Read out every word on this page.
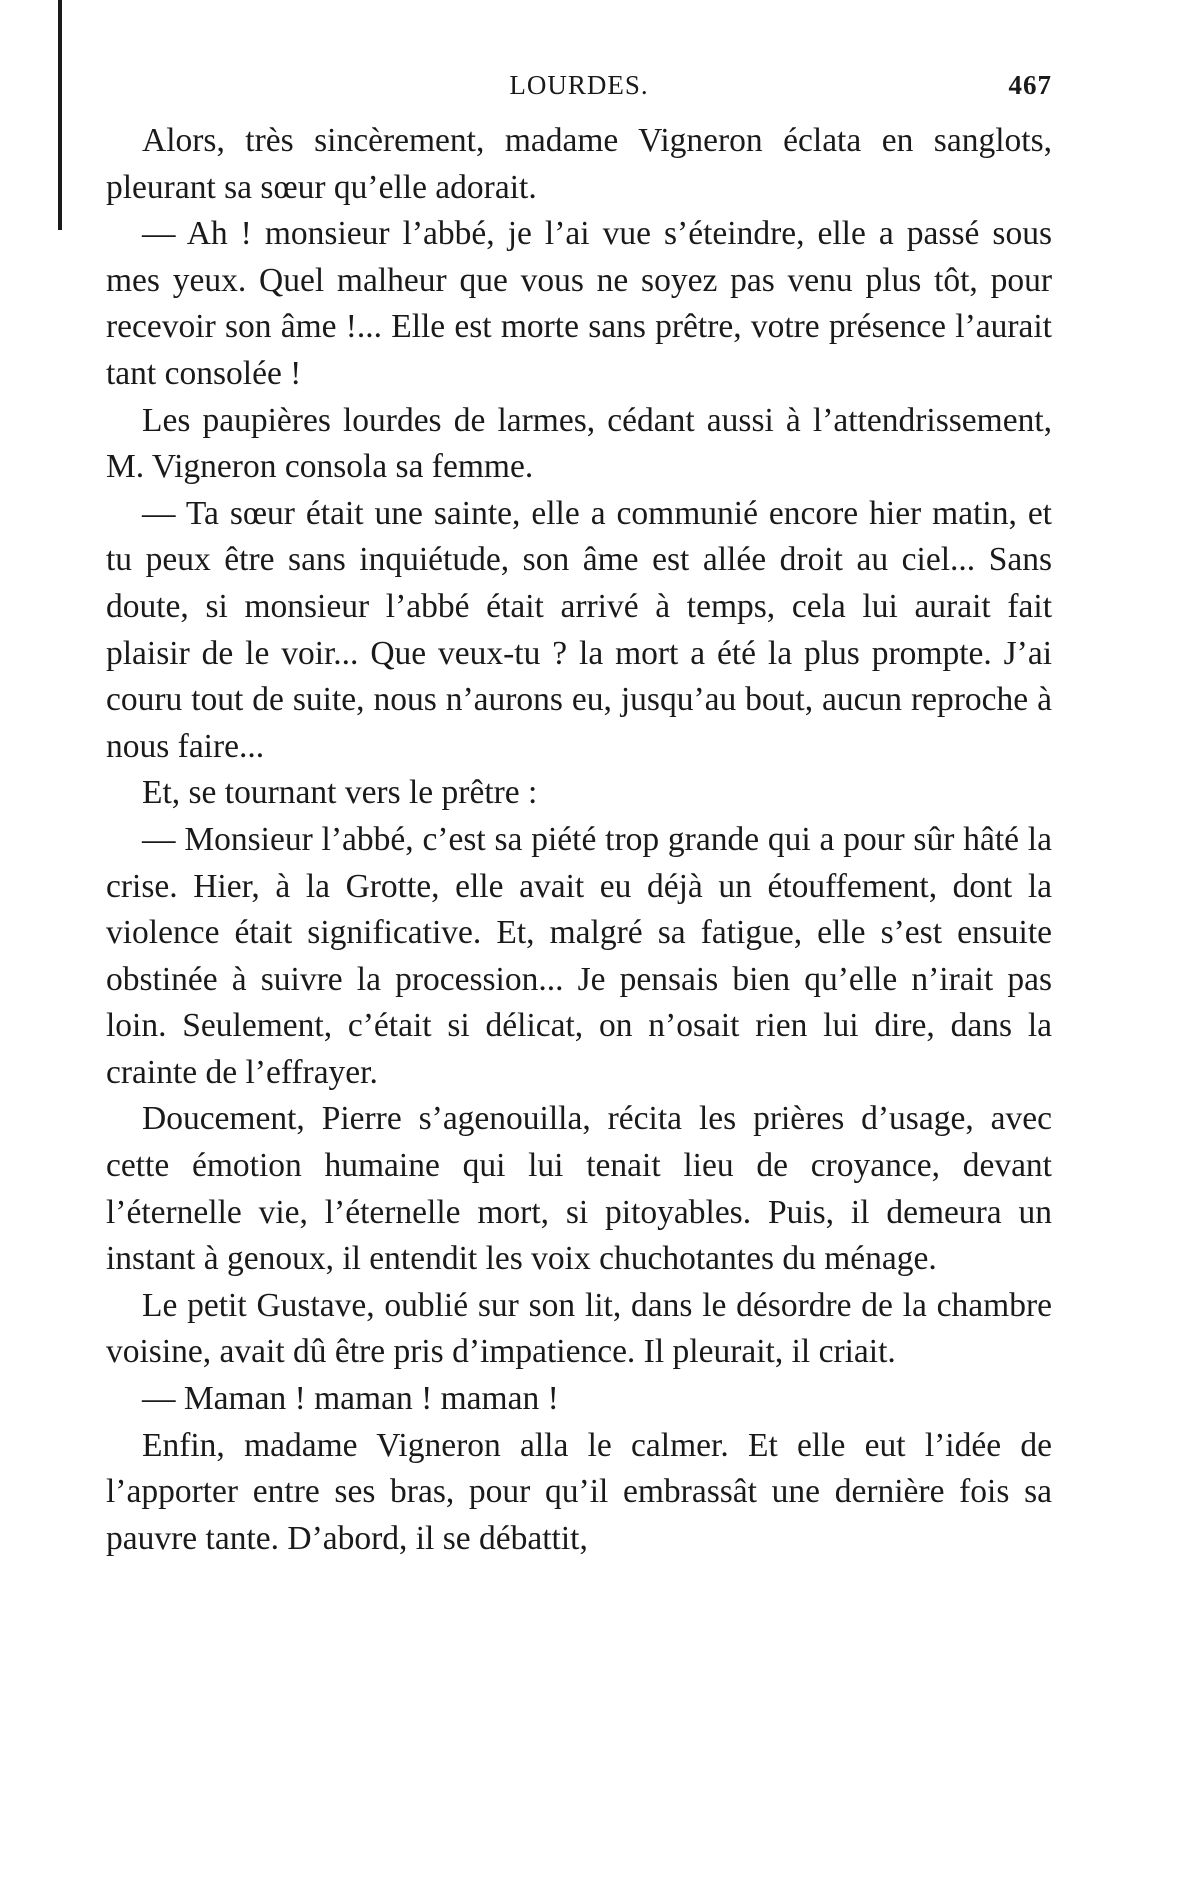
LOURDES.	467

Alors, très sincèrement, madame Vigneron éclata en sanglots, pleurant sa sœur qu’elle adorait.

— Ah ! monsieur l’abbé, je l’ai vue s’éteindre, elle a passé sous mes yeux. Quel malheur que vous ne soyez pas venu plus tôt, pour recevoir son âme !... Elle est morte sans prêtre, votre présence l’aurait tant consolée !

Les paupières lourdes de larmes, cédant aussi à l’attendrissement, M. Vigneron consola sa femme.

— Ta sœur était une sainte, elle a communié encore hier matin, et tu peux être sans inquiétude, son âme est allée droit au ciel... Sans doute, si monsieur l’abbé était arrivé à temps, cela lui aurait fait plaisir de le voir... Que veux-tu ? la mort a été la plus prompte. J’ai couru tout de suite, nous n’aurons eu, jusqu’au bout, aucun reproche à nous faire...

Et, se tournant vers le prêtre :

— Monsieur l’abbé, c’est sa piété trop grande qui a pour sûr hâté la crise. Hier, à la Grotte, elle avait eu déjà un étouffement, dont la violence était significative. Et, malgré sa fatigue, elle s’est ensuite obstinée à suivre la procession... Je pensais bien qu’elle n’irait pas loin. Seulement, c’était si délicat, on n’osait rien lui dire, dans la crainte de l’effrayer.

Doucement, Pierre s’agenouilla, récita les prières d’usage, avec cette émotion humaine qui lui tenait lieu de croyance, devant l’éternelle vie, l’éternelle mort, si pitoyables. Puis, il demeura un instant à genoux, il entendit les voix chuchotantes du ménage.

Le petit Gustave, oublié sur son lit, dans le désordre de la chambre voisine, avait dû être pris d’impatience. Il pleurait, il criait.

— Maman ! maman ! maman !

Enfin, madame Vigneron alla le calmer. Et elle eut l’idée de l’apporter entre ses bras, pour qu’il embrassât une dernière fois sa pauvre tante. D’abord, il se débattit,
